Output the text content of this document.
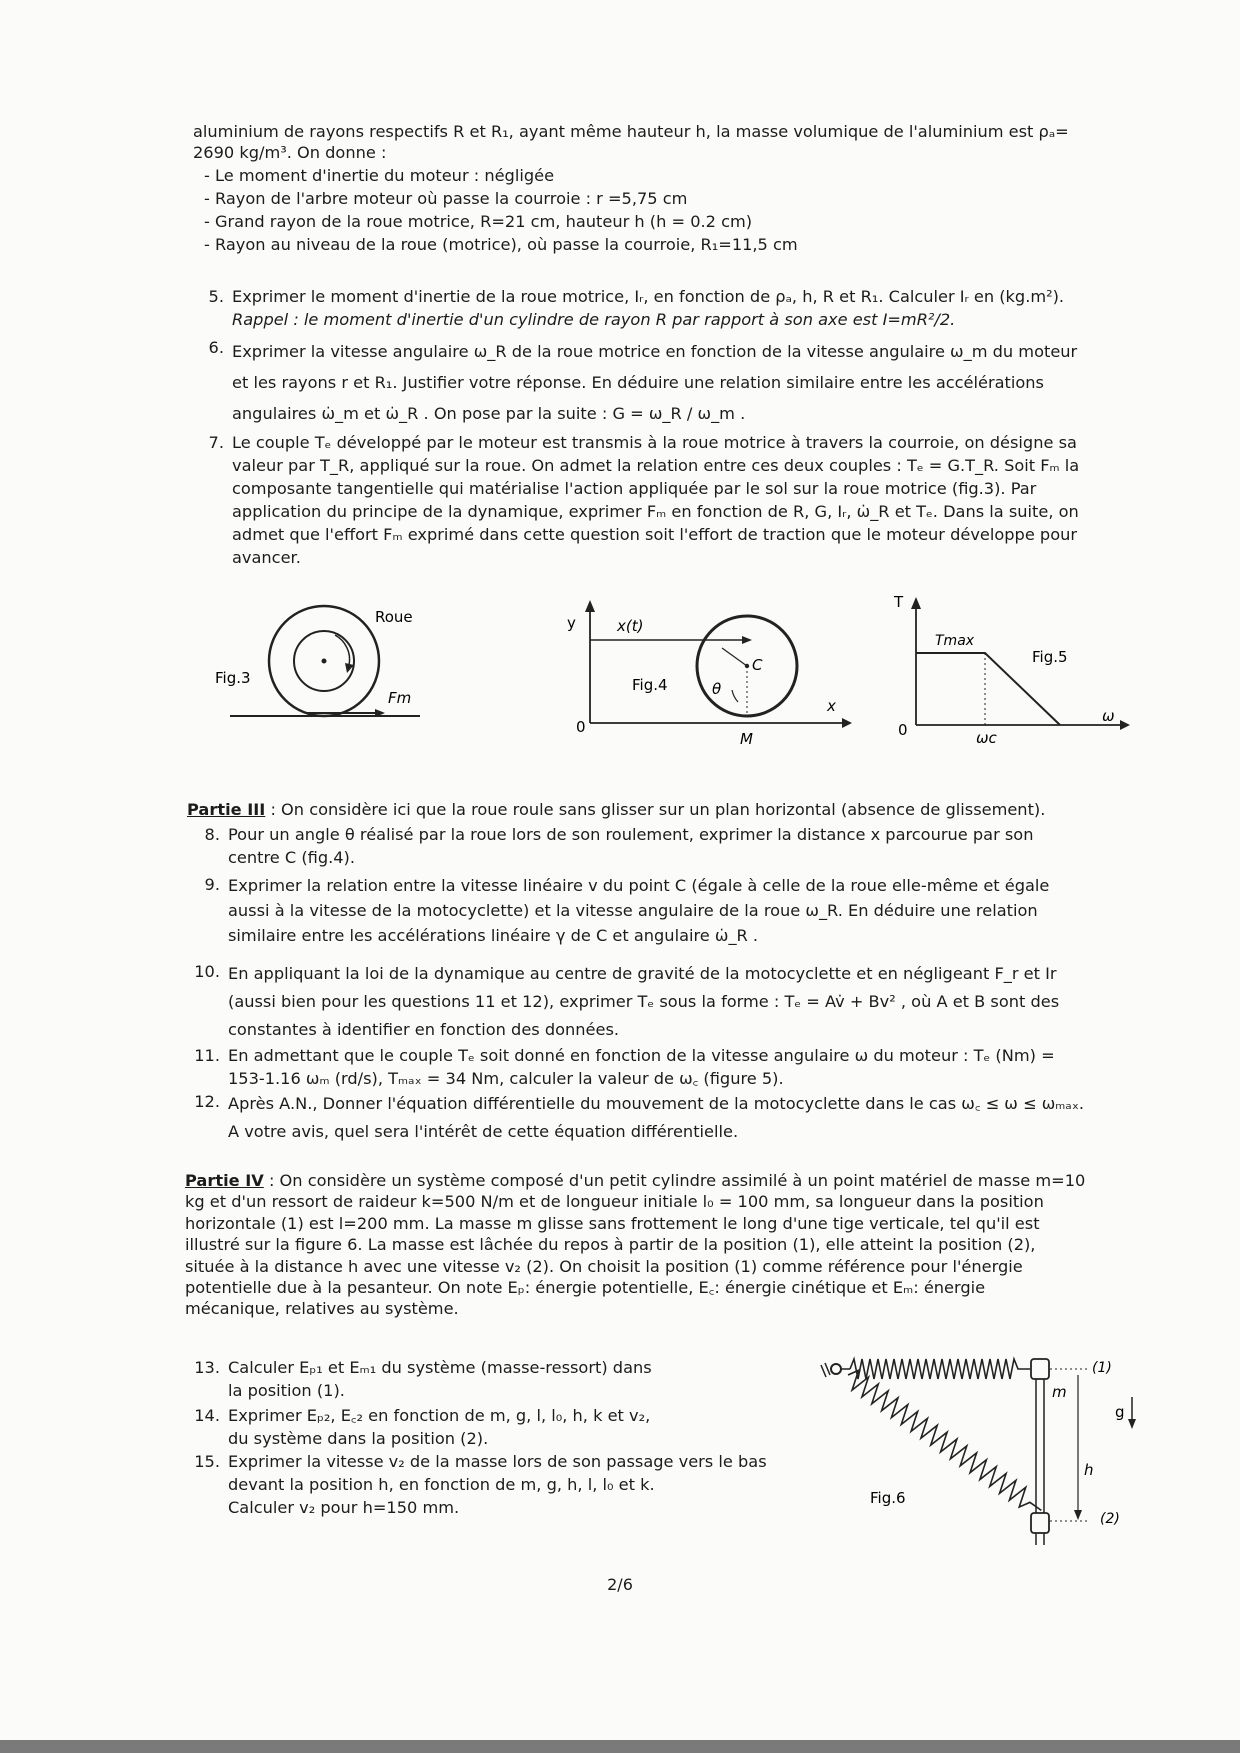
aluminium de rayons respectifs R et R₁, ayant même hauteur h, la masse volumique de l'aluminium est ρₐ=
2690 kg/m³. On donne :
- Le moment d'inertie du moteur : négligée
- Rayon de l'arbre moteur où passe la courroie : r =5,75 cm
- Grand rayon de la roue motrice, R=21 cm, hauteur h (h = 0.2 cm)
- Rayon au niveau de la roue (motrice), où passe la courroie, R₁=11,5 cm
5. Exprimer le moment d'inertie de la roue motrice, Iᵣ, en fonction de ρₐ, h, R et R₁. Calculer Iᵣ en (kg.m²).
Rappel : le moment d'inertie d'un cylindre de rayon R par rapport à son axe est I=mR²/2.
6. Exprimer la vitesse angulaire ω_R de la roue motrice en fonction de la vitesse angulaire ω_m du moteur
et les rayons r et R₁. Justifier votre réponse. En déduire une relation similaire entre les accélérations
angulaires ω̇_m et ω̇_R . On pose par la suite : G = ω_R / ω_m .
7. Le couple Tₑ développé par le moteur est transmis à la roue motrice à travers la courroie, on désigne sa
valeur par T_R, appliqué sur la roue. On admet la relation entre ces deux couples : Tₑ = G.T_R. Soit Fₘ la
composante tangentielle qui matérialise l'action appliquée par le sol sur la roue motrice (fig.3). Par
application du principe de la dynamique, exprimer Fₘ en fonction de R, G, Iᵣ, ω̇_R et Tₑ. Dans la suite, on
admet que l'effort Fₘ exprimé dans cette question soit l'effort de traction que le moteur développe pour
avancer.
Roue
Fig.3
Fm
x(t)
y
x
C
θ
Fig.4
0
M
T
Tmax
Fig.5
0	ωc
ω
Partie III : On considère ici que la roue roule sans glisser sur un plan horizontal (absence de glissement).
8. Pour un angle θ réalisé par la roue lors de son roulement, exprimer la distance x parcourue par son
centre C (fig.4).
9. Exprimer la relation entre la vitesse linéaire v du point C (égale à celle de la roue elle-même et égale
aussi à la vitesse de la motocyclette) et la vitesse angulaire de la roue ω_R. En déduire une relation
similaire entre les accélérations linéaire γ de C et angulaire ω̇_R .
10. En appliquant la loi de la dynamique au centre de gravité de la motocyclette et en négligeant F_r et Ir
(aussi bien pour les questions 11 et 12), exprimer Tₑ sous la forme : Tₑ = Av̇ + Bv² , où A et B sont des
constantes à identifier en fonction des données.
11. En admettant que le couple Tₑ soit donné en fonction de la vitesse angulaire ω du moteur : Tₑ (Nm) =
153-1.16 ωₘ (rd/s), Tₘₐₓ = 34 Nm, calculer la valeur de ω꜀ (figure 5).
12. Après A.N., Donner l'équation différentielle du mouvement de la motocyclette dans le cas ω꜀ ≤ ω ≤ ωₘₐₓ.
A votre avis, quel sera l'intérêt de cette équation différentielle.
Partie IV : On considère un système composé d'un petit cylindre assimilé à un point matériel de masse m=10
kg et d'un ressort de raideur k=500 N/m et de longueur initiale l₀ = 100 mm, sa longueur dans la position
horizontale (1) est l=200 mm. La masse m glisse sans frottement le long d'une tige verticale, tel qu'il est
illustré sur la figure 6. La masse est lâchée du repos à partir de la position (1), elle atteint la position (2),
située à la distance h avec une vitesse v₂ (2). On choisit la position (1) comme référence pour l'énergie
potentielle due à la pesanteur. On note Eₚ: énergie potentielle, E꜀: énergie cinétique et Eₘ: énergie
mécanique, relatives au système.
13. Calculer Eₚ₁ et Eₘ₁ du système (masse-ressort) dans
la position (1).
14. Exprimer Eₚ₂, E꜀₂ en fonction de m, g, l, l₀, h, k et v₂,
du système dans la position (2).
15. Exprimer la vitesse v₂ de la masse lors de son passage vers le bas
devant la position h, en fonction de m, g, h, l, l₀ et k.
Calculer v₂ pour h=150 mm.
(1)
(2)
m
h
g
Fig.6
2/6
